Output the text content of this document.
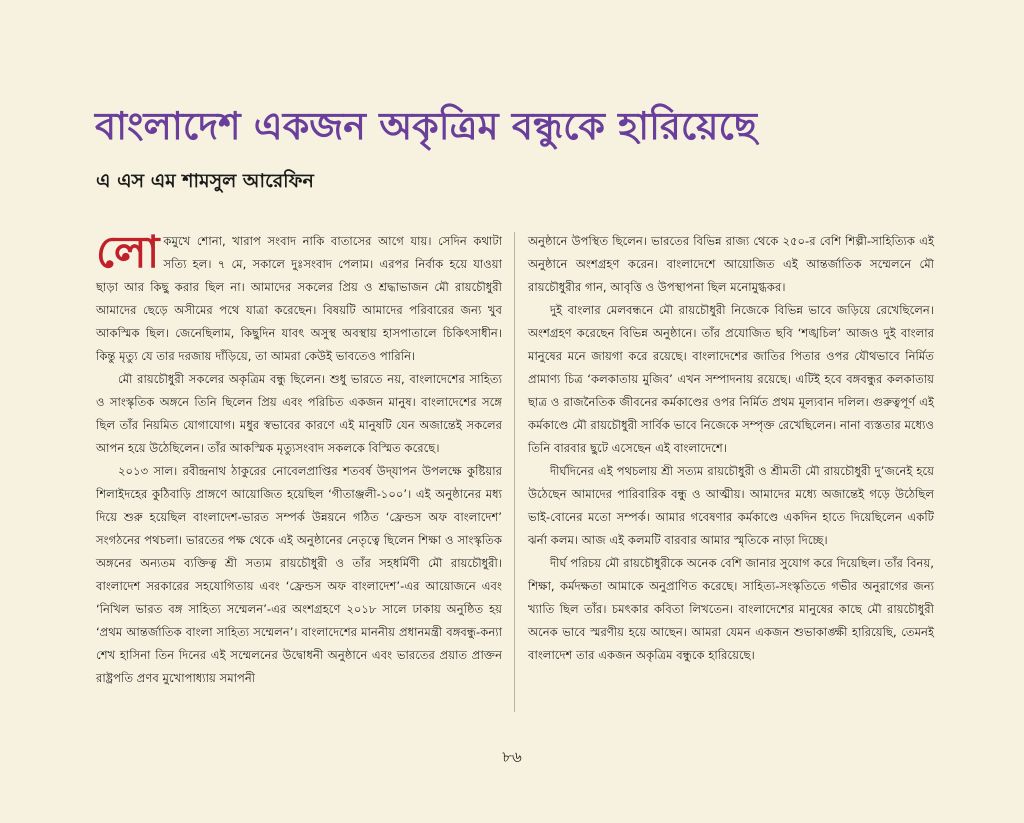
বাংলাদেশ একজন অকৃত্রিম বন্ধুকে হারিয়েছে
এ এস এম শামসুল আরেফিন

লো কমুখে শোনা, খারাপ সংবাদ নাকি বাতাসের আগে যায়। সেদিন কথাটা সত্যি হল। ৭ মে, সকালে দুঃসংবাদ পেলাম। এরপর নির্বাক হয়ে যাওয়া ছাড়া আর কিছু করার ছিল না। আমাদের সকলের প্রিয় ও শ্রদ্ধাভাজন মৌ রায়চৌধুরী আমাদের ছেড়ে অসীমের পথে যাত্রা করেছেন। বিষয়টি আমাদের পরিবারের জন্য খুব আকস্মিক ছিল। জেনেছিলাম, কিছুদিন যাবৎ অসুস্থ অবস্থায় হাসপাতালে চিকিৎসাধীন। কিন্তু মৃত্যু যে তার দরজায় দাঁড়িয়ে, তা আমরা কেউই ভাবতেও পারিনি।

মৌ রায়চৌধুরী সকলের অকৃত্রিম বন্ধু ছিলেন। শুধু ভারতে নয়, বাংলাদেশের সাহিত্য ও সাংস্কৃতিক অঙ্গনে তিনি ছিলেন প্রিয় এবং পরিচিত একজন মানুষ। বাংলাদেশের সঙ্গে ছিল তাঁর নিয়মিত যোগাযোগ। মধুর স্বভাবের কারণে এই মানুষটি যেন অজান্তেই সকলের আপন হয়ে উঠেছিলেন। তাঁর আকস্মিক মৃত্যুসংবাদ সকলকে বিস্মিত করেছে।

২০১৩ সাল। রবীন্দ্রনাথ ঠাকুরের নোবেলপ্রাপ্তির শতবর্ষ উদ্‌যাপন উপলক্ষে কুষ্টিয়ার শিলাইদহের কুঠিবাড়ি প্রাঙ্গণে আয়োজিত হয়েছিল ‘গীতাঞ্জলী-১০০’। এই অনুষ্ঠানের মধ্য দিয়ে শুরু হয়েছিল বাংলাদেশ-ভারত সম্পর্ক উন্নয়নে গঠিত ‘ফ্রেন্ডস অফ বাংলাদেশ’ সংগঠনের পথচলা। ভারতের পক্ষ থেকে এই অনুষ্ঠানের নেতৃত্বে ছিলেন শিক্ষা ও সাংস্কৃতিক অঙ্গনের অন্যতম ব্যক্তিত্ব শ্রী সত্যম রায়চৌধুরী ও তাঁর সহধর্মিণী মৌ রায়চৌধুরী। বাংলাদেশ সরকারের সহযোগিতায় এবং ‘ফ্রেন্ডস অফ বাংলাদেশ’-এর আয়োজনে এবং ‘নিখিল ভারত বঙ্গ সাহিত্য সম্মেলন’-এর অংশগ্রহণে ২০১৮ সালে ঢাকায় অনুষ্ঠিত হয় ‘প্রথম আন্তর্জাতিক বাংলা সাহিত্য সম্মেলন’। বাংলাদেশের মাননীয় প্রধানমন্ত্রী বঙ্গবন্ধু-কন্যা শেখ হাসিনা তিন দিনের এই সম্মেলনের উদ্বোধনী অনুষ্ঠানে এবং ভারতের প্রয়াত প্রাক্তন রাষ্ট্রপতি প্রণব মুখোপাধ্যায় সমাপনী

অনুষ্ঠানে উপস্থিত ছিলেন। ভারতের বিভিন্ন রাজ্য থেকে ২৫০-র বেশি শিল্পী-সাহিত্যিক এই অনুষ্ঠানে অংশগ্রহণ করেন। বাংলাদেশে আয়োজিত এই আন্তর্জাতিক সম্মেলনে মৌ রায়চৌধুরীর গান, আবৃত্তি ও উপস্থাপনা ছিল মনোমুগ্ধকর।

দুই বাংলার মেলবন্ধনে মৌ রায়চৌধুরী নিজেকে বিভিন্ন ভাবে জড়িয়ে রেখেছিলেন। অংশগ্রহণ করেছেন বিভিন্ন অনুষ্ঠানে। তাঁর প্রযোজিত ছবি ‘শঙ্খচিল’ আজও দুই বাংলার মানুষের মনে জায়গা করে রয়েছে। বাংলাদেশের জাতির পিতার ওপর যৌথভাবে নির্মিত প্রামাণ্য চিত্র ‘কলকাতায় মুজিব’ এখন সম্পাদনায় রয়েছে। এটিই হবে বঙ্গবন্ধুর কলকাতায় ছাত্র ও রাজনৈতিক জীবনের কর্মকাণ্ডের ওপর নির্মিত প্রথম মূল্যবান দলিল। গুরুত্বপূর্ণ এই কর্মকাণ্ডে মৌ রায়চৌধুরী সার্বিক ভাবে নিজেকে সম্পৃক্ত রেখেছিলেন। নানা ব্যস্ততার মধ্যেও তিনি বারবার ছুটে এসেছেন এই বাংলাদেশে।

দীর্ঘদিনের এই পথচলায় শ্রী সত্যম রায়চৌধুরী ও শ্রীমতী মৌ রায়চৌধুরী দু’জনেই হয়ে উঠেছেন আমাদের পারিবারিক বন্ধু ও আত্মীয়। আমাদের মধ্যে অজান্তেই গড়ে উঠেছিল ভাই-বোনের মতো সম্পর্ক। আমার গবেষণার কর্মকাণ্ডে একদিন হাতে দিয়েছিলেন একটি ঝর্না কলম। আজ এই কলমটি বারবার আমার স্মৃতিকে নাড়া দিচ্ছে।

দীর্ঘ পরিচয় মৌ রায়চৌধুরীকে অনেক বেশি জানার সুযোগ করে দিয়েছিল। তাঁর বিনয়, শিক্ষা, কর্মদক্ষতা আমাকে অনুপ্রাণিত করেছে। সাহিত্য-সংস্কৃতিতে গভীর অনুরাগের জন্য খ্যাতি ছিল তাঁর। চমৎকার কবিতা লিখতেন। বাংলাদেশের মানুষের কাছে মৌ রায়চৌধুরী অনেক ভাবে স্মরণীয় হয়ে আছেন। আমরা যেমন একজন শুভাকাঙ্ক্ষী হারিয়েছি, তেমনই বাংলাদেশ তার একজন অকৃত্রিম বন্ধুকে হারিয়েছে।

৮৬
